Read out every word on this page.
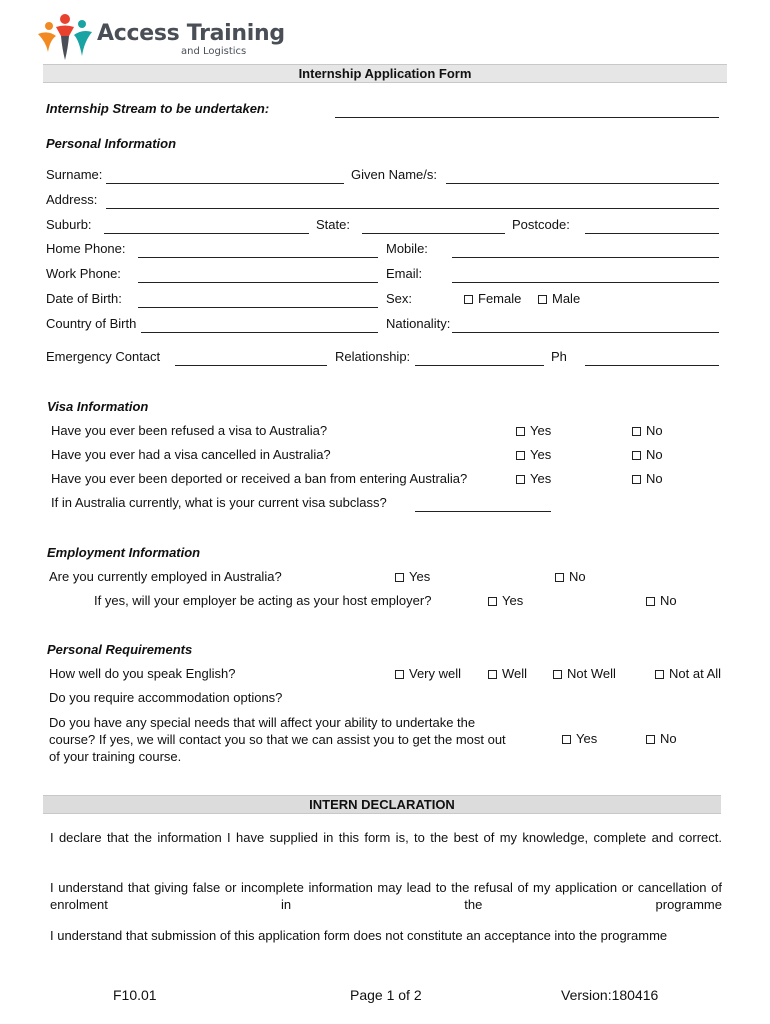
Access Training
and Logistics
Internship Application Form
Internship Stream to be undertaken:
Personal Information
Surname:	Given Name/s:
Address:
Suburb:	State:	Postcode:
Home Phone:	Mobile:
Work Phone:	Email:
Date of Birth:	Sex:	Female	Male
Country of Birth	Nationality:
Emergency Contact	Relationship:	Ph
Visa Information
Have you ever been refused a visa to Australia?	Yes	No
Have you ever had a visa cancelled in Australia?	Yes	No
Have you ever been deported or received a ban from entering Australia?	Yes	No
If in Australia currently, what is your current visa subclass?
Employment Information
Are you currently employed in Australia?	Yes	No
If yes, will your employer be acting as your host employer?	Yes	No
Personal Requirements
How well do you speak English?	Very well	Well	Not Well	Not at All
Do you require accommodation options?
Do you have any special needs that will affect your ability to undertake the
course? If yes, we will contact you so that we can assist you to get the most out
of your training course.
Yes	No
INTERN DECLARATION
I declare that the information I have supplied in this form is, to the best of my knowledge, complete and correct.
I understand that giving false or incomplete information may lead to the refusal of my application or cancellation of enrolment in the programme
I understand that submission of this application form does not constitute an acceptance into the programme
F10.01	Page 1 of 2	Version:180416
